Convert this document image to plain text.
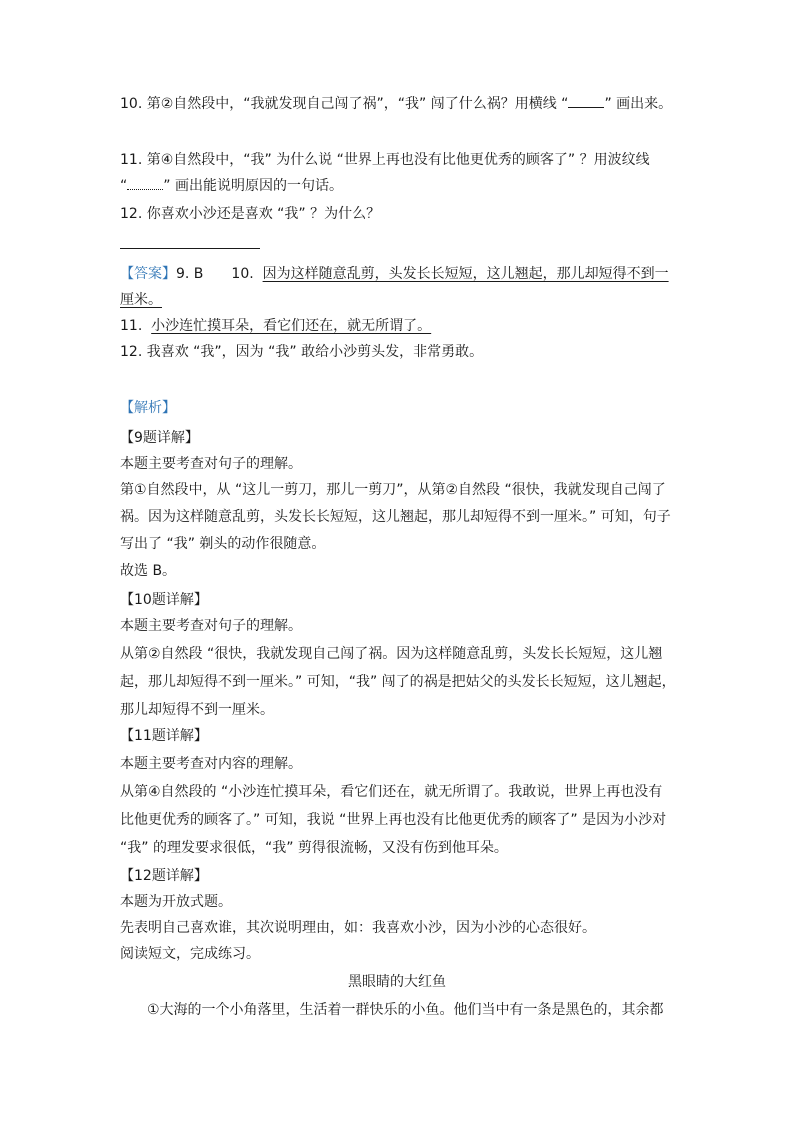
10. 第②自然段中，“我就发现自己闯了祸”，“我” 闯了什么祸？用横线 “	” 画出来。
11. 第④自然段中，“我” 为什么说 “世界上再也没有比他更优秀的顾客了” ？用波纹线
“	” 画出能说明原因的一句话。
12. 你喜欢小沙还是喜欢 “我” ？为什么？
【答案】9. B 10. 因为这样随意乱剪，头发长长短短，这儿翘起，那儿却短得不到一
厘米。
11. 小沙连忙摸耳朵，看它们还在，就无所谓了。
12. 我喜欢 “我”，因为 “我” 敢给小沙剪头发，非常勇敢。
【解析】
【9题详解】
本题主要考查对句子的理解。
第①自然段中，从 “这儿一剪刀，那儿一剪刀”，从第②自然段 “很快，我就发现自己闯了
祸。因为这样随意乱剪，头发长长短短，这儿翘起，那儿却短得不到一厘米。” 可知，句子
写出了 “我” 剃头的动作很随意。
故选 B。
【10题详解】
本题主要考查对句子的理解。
从第②自然段 “很快，我就发现自己闯了祸。因为这样随意乱剪，头发长长短短，这儿翘
起，那儿却短得不到一厘米。” 可知，“我” 闯了的祸是把姑父的头发长长短短，这儿翘起，
那儿却短得不到一厘米。
【11题详解】
本题主要考查对内容的理解。
从第④自然段的 “小沙连忙摸耳朵，看它们还在，就无所谓了。我敢说，世界上再也没有
比他更优秀的顾客了。” 可知，我说 “世界上再也没有比他更优秀的顾客了” 是因为小沙对
“我” 的理发要求很低，“我” 剪得很流畅，又没有伤到他耳朵。
【12题详解】
本题为开放式题。
先表明自己喜欢谁，其次说明理由，如：我喜欢小沙，因为小沙的心态很好。
阅读短文，完成练习。
黑眼睛的大红鱼
①大海的一个小角落里，生活着一群快乐的小鱼。他们当中有一条是黑色的，其余都
